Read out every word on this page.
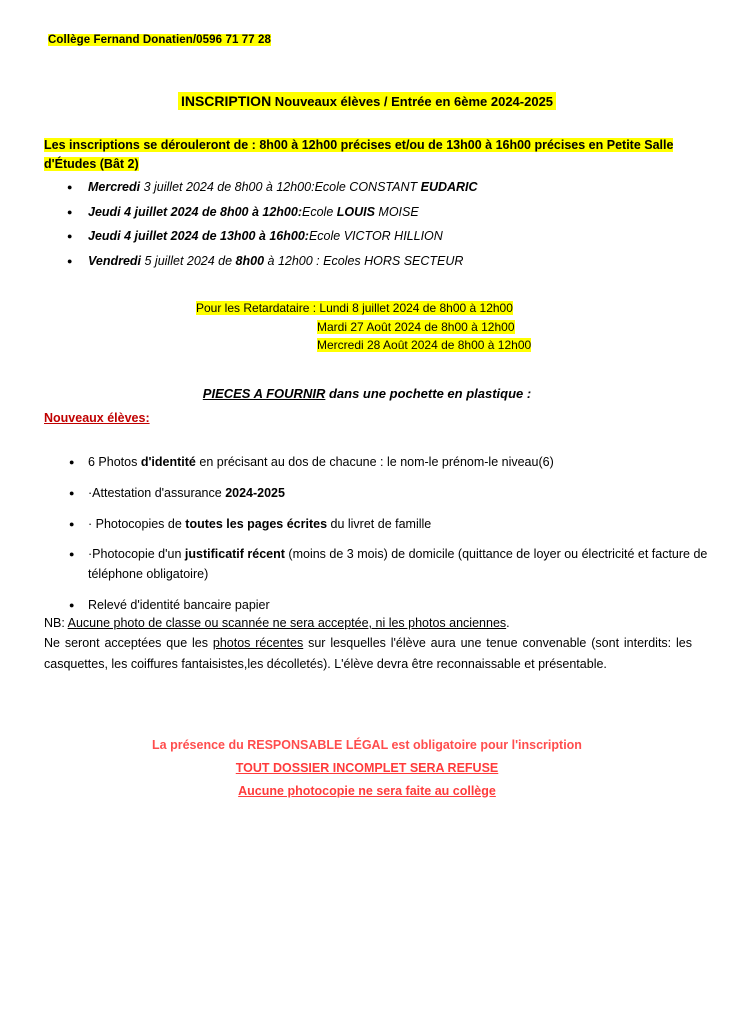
Collège Fernand Donatien/0596 71 77 28
INSCRIPTION Nouveaux élèves / Entrée en 6ème 2024-2025
Les inscriptions se dérouleront de : 8h00 à 12h00 précises et/ou de 13h00 à 16h00 précises en Petite Salle d'Études (Bât 2)
● Mercredi 3 juillet 2024 de 8h00 à 12h00:Ecole CONSTANT EUDARIC
● Jeudi 4 juillet 2024 de 8h00 à 12h00:Ecole LOUIS MOISE
● Jeudi 4 juillet 2024 de 13h00 à 16h00:Ecole VICTOR HILLION
● Vendredi 5 juillet 2024 de 8h00 à 12h00 : Ecoles HORS SECTEUR
Pour les Retardataire : Lundi 8 juillet 2024 de 8h00 à 12h00
Mardi 27 Août 2024 de 8h00 à 12h00
Mercredi 28 Août 2024 de 8h00 à 12h00
PIECES A FOURNIR dans une pochette en plastique :
Nouveaux élèves:
● 6 Photos d'identité en précisant au dos de chacune : le nom-le prénom-le niveau(6)
● ·Attestation d'assurance 2024-2025
● · Photocopies de toutes les pages écrites du livret de famille
● ·Photocopie d'un justificatif récent (moins de 3 mois) de domicile (quittance de loyer ou électricité et facture de téléphone obligatoire)
● Relevé d'identité bancaire papier
NB: Aucune photo de classe ou scannée ne sera acceptée, ni les photos anciennes.
Ne seront acceptées que les photos récentes sur lesquelles l'élève aura une tenue convenable (sont interdits: les casquettes, les coiffures fantaisistes,les décolletés). L'élève devra être reconnaissable et présentable.
La présence du RESPONSABLE LÉGAL est obligatoire pour l'inscription
TOUT DOSSIER INCOMPLET SERA REFUSE
Aucune photocopie ne sera faite au collège
